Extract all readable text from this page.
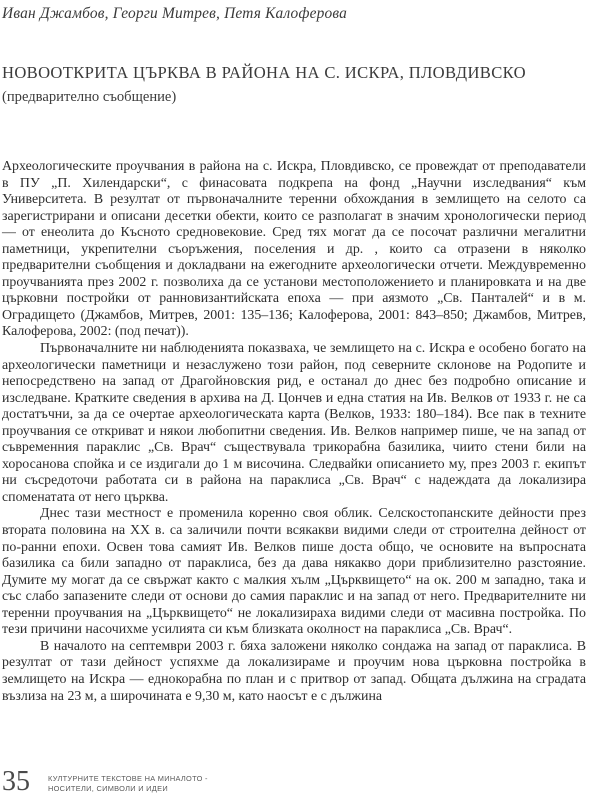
Иван Джамбов, Георги Митрев, Петя Калоферова

НОВООТКРИТА ЦЪРКВА В РАЙОНА НА С. ИСКРА, ПЛОВДИВСКО
(предварително съобщение)

Археологическите проучвания в района на с. Искра, Пловдивско, се провеждат от преподаватели в ПУ „П. Хилендарски“, с финасовата подкрепа на фонд „Научни изследвания“ към Университета. В резултат от първоначалните теренни обхождания в землището на селото са зарегистрирани и описани десетки обекти, които се разполагат в значим хронологически период — от енеолита до Късното средновековие. Сред тях могат да се посочат различни мегалитни паметници, укрепителни съоръжения, поселения и др. , които са отразени в няколко предварителни съобщения и докладвани на ежегодните археологически отчети. Междувременно проучванията през 2002 г. позволиха да се установи местоположението и планировката и на две църковни постройки от ранновизантийската епоха — при аязмото „Св. Панталей“ и в м. Оградището (Джамбов, Митрев, 2001: 135–136; Калоферова, 2001: 843–850; Джамбов, Митрев, Калоферова, 2002: (под печат)).

Първоначалните ни наблюденията показваха, че землището на с. Искра е особено богато на археологически паметници и незаслужено този район, под северните склонове на Родопите и непосредствено на запад от Драгойновския рид, е останал до днес без подробно описание и изследване. Кратките сведения в архива на Д. Цончев и една статия на Ив. Велков от 1933 г. не са достатъчни, за да се очертае археологическата карта (Велков, 1933: 180–184). Все пак в техните проучвания се откриват и някои любопитни сведения. Ив. Велков например пише, че на запад от съвременния параклис „Св. Врач“ съществувала трикорабна базилика, чиито стени били на хоросанова спойка и се издигали до 1 м височина. Следвайки описанието му, през 2003 г. екипът ни съсредоточи работата си в района на параклиса „Св. Врач“ с надеждата да локализира споменатата от него църква.

Днес тази местност е променила коренно своя облик. Селскостопанските дейности през втората половина на ХХ в. са заличили почти всякакви видими следи от строителна дейност от по-ранни епохи. Освен това самият Ив. Велков пише доста общо, че основите на въпросната базилика са били западно от параклиса, без да дава някакво дори приблизително разстояние. Думите му могат да се свържат както с малкия хълм „Църквището“ на ок. 200 м западно, така и със слабо запазените следи от основи до самия параклис и на запад от него. Предварителните ни теренни проучвания на „Църквището“ не локализираха видими следи от масивна постройка. По тези причини насочихме усилията си към близката околност на параклиса „Св. Врач“.

В началото на септември 2003 г. бяха заложени няколко сондажа на запад от параклиса. В резултат от тази дейност успяхме да локализираме и проучим нова църковна постройка в землището на Искра — еднокорабна по план и с притвор от запад. Общата дължина на сградата възлиза на 23 м, а широчината е 9,30 м, като наосът е с дължина

35 КУЛТУРНИТЕ ТЕКСТОВЕ НА МИНАЛОТО -
НОСИТЕЛИ, СИМВОЛИ И ИДЕИ
